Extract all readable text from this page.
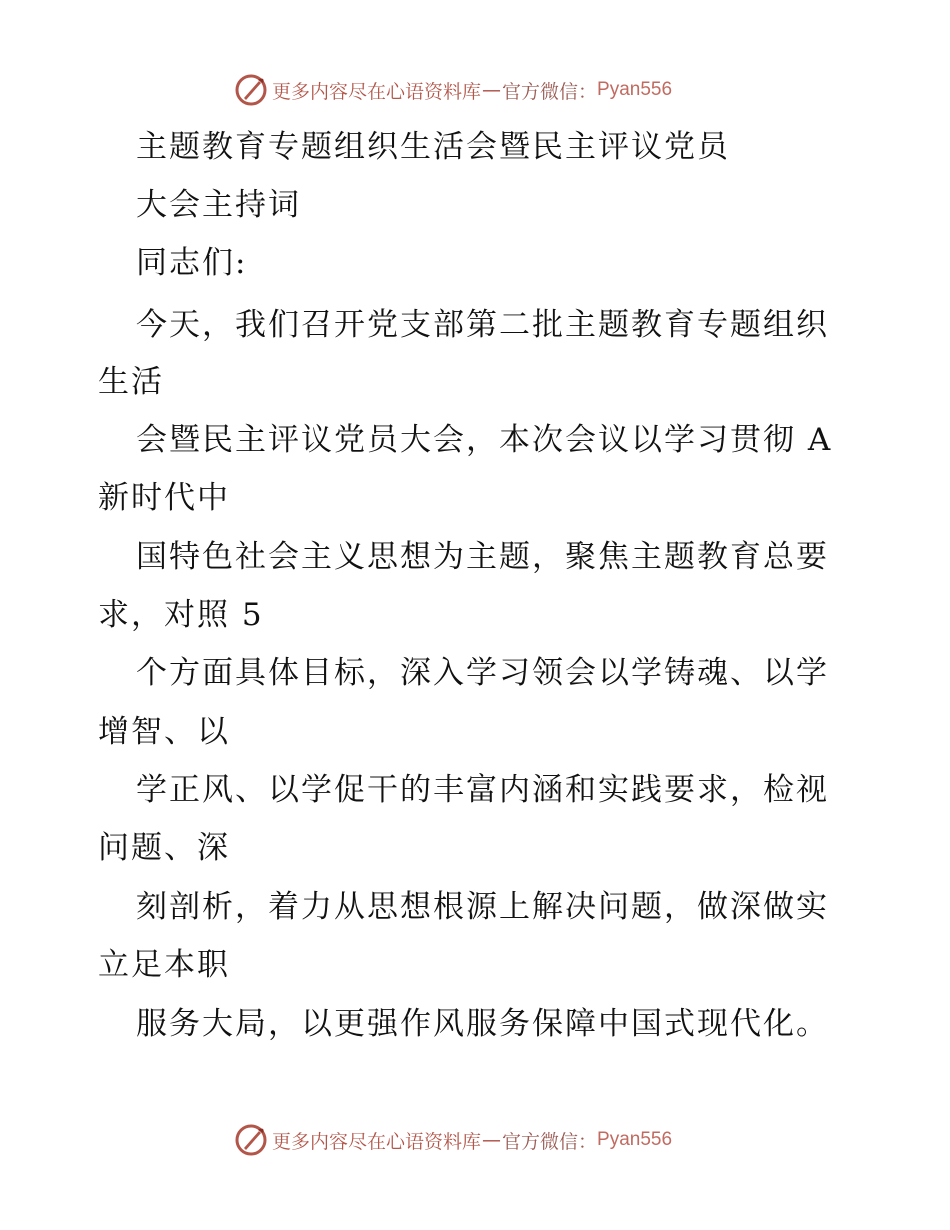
更多内容尽在心语资料库 — 官方微信： Pyan556
主题教育专题组织生活会暨民主评议党员
大会主持词
同志们:
今天，我们召开党支部第二批主题教育专题组织
生活
会暨民主评议党员大会，本次会议以学习贯彻 A
新时代中
国特色社会主义思想为主题，聚焦主题教育总要
求，对照 5
个方面具体目标，深入学习领会以学铸魂、以学
增智、以
学正风、以学促干的丰富内涵和实践要求，检视
问题、深
刻剖析，着力从思想根源上解决问题，做深做实
立足本职
服务大局，以更强作风服务保障中国式现代化。
更多内容尽在心语资料库 — 官方微信： Pyan556
